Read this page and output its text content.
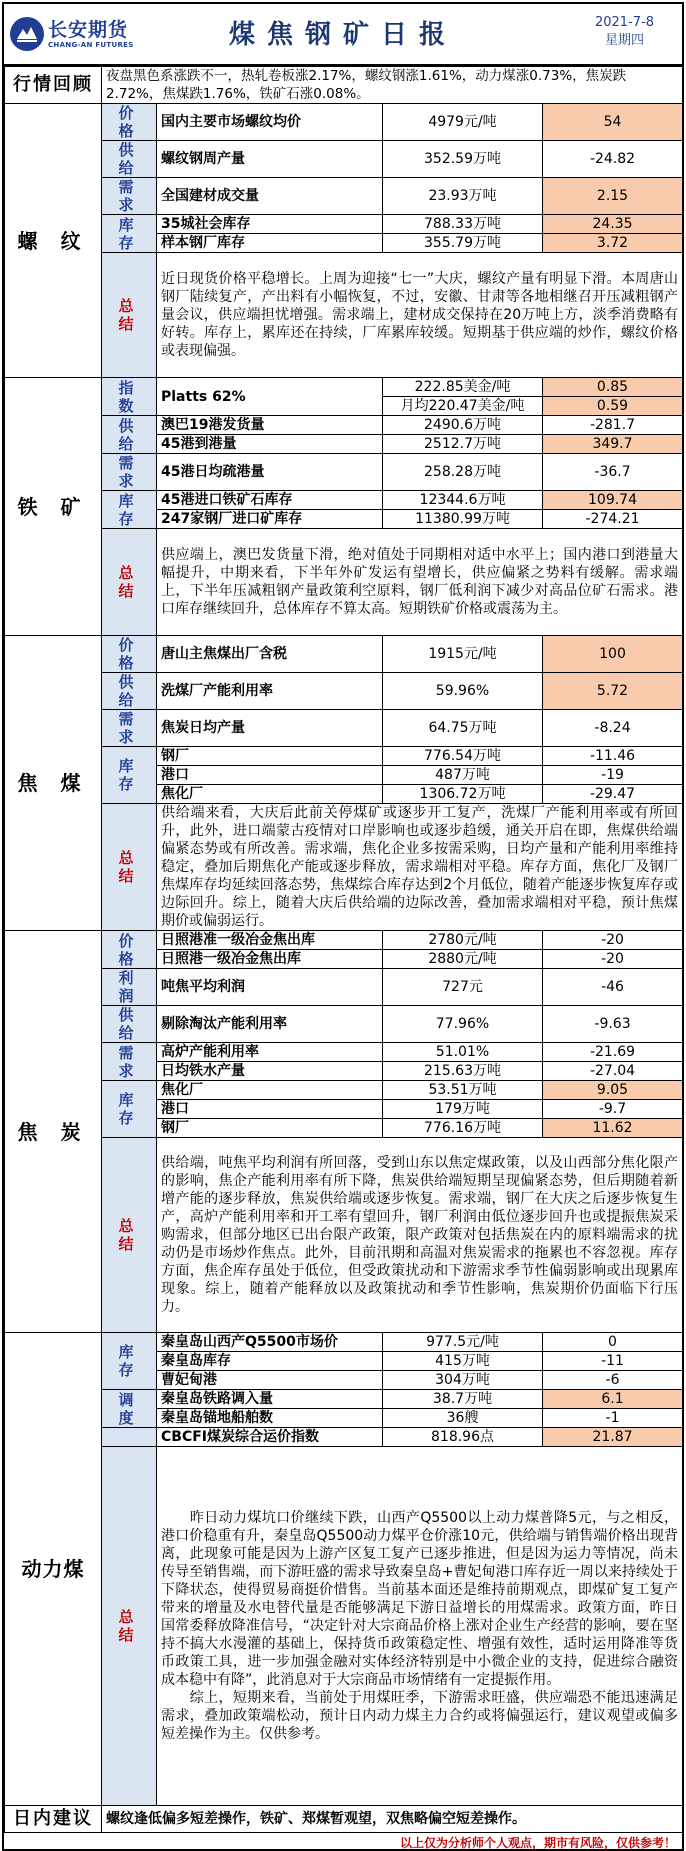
长安期货
CHANG-AN FUTURES	煤焦钢矿日报	2021-7-8
星期四
行情回顾	夜盘黑色系涨跌不一，热轧卷板涨2.17%，螺纹钢涨1.61%，动力煤涨0.73%，焦炭跌2.72%，焦煤跌1.76%，铁矿石涨0.08%。			
螺 纹	价 格	国内主要市场螺纹均价	4979元/吨	54
	供 给	螺纹钢周产量	352.59万吨	-24.82
	需 求	全国建材成交量	23.93万吨	2.15
	库 存	35城社会库存	788.33万吨	24.35
		样本钢厂库存	355.79万吨	3.72
	总 结	近日现货价格平稳增长。上周为迎接“七一”大庆，螺纹产量有明显下滑。本周唐山钢厂陆续复产，产出料有小幅恢复，不过，安徽、甘肃等各地相继召开压减粗钢产量会议，供应端担忧增强。需求端上，建材成交保持在20万吨上方，淡季消费略有好转。库存上，累库还在持续，厂库累库较缓。短期基于供应端的炒作，螺纹价格或表现偏强。		

铁 矿	指 数	Platts 62%	222.85美金/吨	0.85
			月均220.47美金/吨	0.59
	供 给	澳巴19港发货量	2490.6万吨	-281.7
		45港到港量	2512.7万吨	349.7
	需 求	45港日均疏港量	258.28万吨	-36.7
	库 存	45港进口铁矿石库存	12344.6万吨	109.74
		247家钢厂进口矿库存	11380.99万吨	-274.21
	总 结	供应端上，澳巴发货量下滑，绝对值处于同期相对适中水平上；国内港口到港量大幅提升，中期来看，下半年外矿发运有望增长，供应偏紧之势料有缓解。需求端上，下半年压减粗钢产量政策利空原料，钢厂低利润下减少对高品位矿石需求。港口库存继续回升，总体库存不算太高。短期铁矿价格或震荡为主。		

焦 煤	价 格	唐山主焦煤出厂含税	1915元/吨	100
	供 给	洗煤厂产能利用率	59.96%	5.72
	需 求	焦炭日均产量	64.75万吨	-8.24
	库 存	钢厂	776.54万吨	-11.46
		港口	487万吨	-19
		焦化厂	1306.72万吨	-29.47
	总 结	供给端来看，大庆后此前关停煤矿或逐步开工复产，洗煤厂产能利用率或有所回升，此外，进口端蒙古疫情对口岸影响也或逐步趋缓，通关开启在即，焦煤供给端偏紧态势或有所改善。需求端，焦化企业多按需采购，日均产量和产能利用率维持稳定，叠加后期焦化产能或逐步释放，需求端相对平稳。库存方面，焦化厂及钢厂焦煤库存均延续回落态势，焦煤综合库存达到2个月低位，随着产能逐步恢复库存或边际回升。综上，随着大庆后供给端的边际改善，叠加需求端相对平稳，预计焦煤期价或偏弱运行。		

焦 炭	价 格	日照港准一级冶金焦出库	2780元/吨	-20
		日照港一级冶金焦出库	2880元/吨	-20
	利 润	吨焦平均利润	727元	-46
	供 给	剔除淘汰产能利用率	77.96%	-9.63
	需 求	高炉产能利用率	51.01%	-21.69
		日均铁水产量	215.63万吨	-27.04
	库 存	焦化厂	53.51万吨	9.05
		港口	179万吨	-9.7
		钢厂	776.16万吨	11.62
	总 结	供给端，吨焦平均利润有所回落，受到山东以焦定煤政策，以及山西部分焦化限产的影响，焦企产能利用率有所下降，焦炭供给端短期呈现偏紧态势，但后期随着新增产能的逐步释放，焦炭供给端或逐步恢复。需求端，钢厂在大庆之后逐步恢复生产，高炉产能利用率和开工率有望回升，钢厂利润由低位逐步回升也或提振焦炭采购需求，但部分地区已出台限产政策，限产政策对包括焦炭在内的原料端需求的扰动仍是市场炒作焦点。此外，目前汛期和高温对焦炭需求的拖累也不容忽视。库存方面，焦企库存虽处于低位，但受政策扰动和下游需求季节性偏弱影响或出现累库现象。综上，随着产能释放以及政策扰动和季节性影响，焦炭期价仍面临下行压力。		

动力煤	库 存	秦皇岛山西产Q5500市场价	977.5元/吨	0
		秦皇岛库存	415万吨	-11
		曹妃甸港	304万吨	-6
	调 度	秦皇岛铁路调入量	38.7万吨	6.1
		秦皇岛锚地船舶数	36艘	-1
		CBCFI煤炭综合运价指数	818.96点	21.87
	总 结	　　昨日动力煤坑口价继续下跌，山西产Q5500以上动力煤普降5元，与之相反，港口价稳重有升，秦皇岛Q5500动力煤平仓价涨10元，供给端与销售端价格出现背离，此现象可能是因为上游产区复工复产已逐步推进，但是因为运力等情况，尚未传导至销售端，而下游旺盛的需求导致秦皇岛+曹妃甸港口库存近一周以来持续处于下降状态，使得贸易商挺价惜售。当前基本面还是维持前期观点，即煤矿复工复产带来的增量及水电替代量是否能够满足下游日益增长的用煤需求。政策方面，昨日国常委释放降准信号，“决定针对大宗商品价格上涨对企业生产经营的影响，要在坚持不搞大水漫灌的基础上，保持货币政策稳定性、增强有效性，适时运用降准等货币政策工具，进一步加强金融对实体经济特别是中小微企业的支持，促进综合融资成本稳中有降”，此消息对于大宗商品市场情绪有一定提振作用。
　　综上，短期来看，当前处于用煤旺季，下游需求旺盛，供应端恐不能迅速满足需求，叠加政策端松动，预计日内动力煤主力合约或将偏强运行，建议观望或偏多短差操作为主。仅供参考。		

日内建议	螺纹逢低偏多短差操作，铁矿、郑煤暂观望，双焦略偏空短差操作。			
以上仅为分析师个人观点，期市有风险，仅供参考！
